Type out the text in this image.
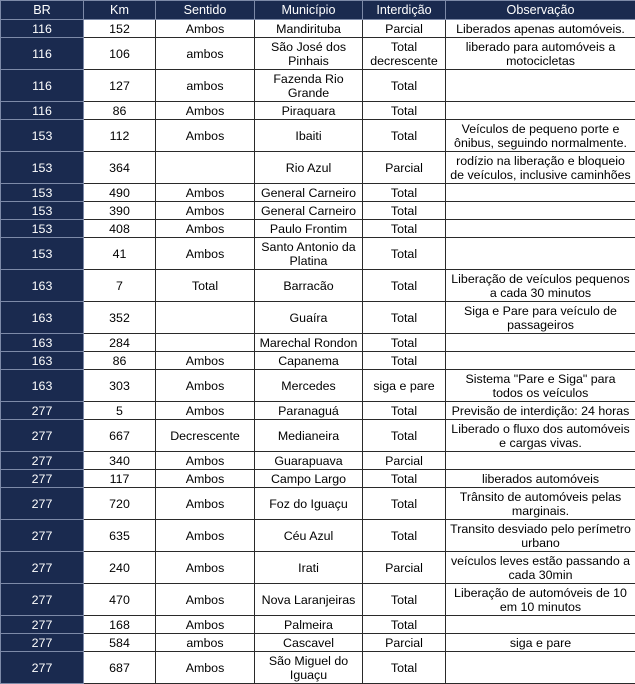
BR	Km	Sentido	Município	Interdição	Observação
116	152	Ambos	Mandirituba	Parcial	Liberados apenas automóveis.
116	106	ambos	São José dos Pinhais	Total decrescente	liberado para automóveis a motocicletas
116	127	ambos	Fazenda Rio Grande	Total	
116	86	Ambos	Piraquara	Total	
153	112	Ambos	Ibaiti	Total	Veículos de pequeno porte e ônibus, seguindo normalmente.
153	364		Rio Azul	Parcial	rodízio na liberação e bloqueio de veículos, inclusive caminhões
153	490	Ambos	General Carneiro	Total	
153	390	Ambos	General Carneiro	Total	
153	408	Ambos	Paulo Frontim	Total	
153	41	Ambos	Santo Antonio da Platina	Total	
163	7	Total	Barracão	Total	Liberação de veículos pequenos a cada 30 minutos
163	352		Guaíra	Total	Siga e Pare para veículo de passageiros
163	284		Marechal Rondon	Total	
163	86	Ambos	Capanema	Total	
163	303	Ambos	Mercedes	siga e pare	Sistema "Pare e Siga" para todos os veículos
277	5	Ambos	Paranaguá	Total	Previsão de interdição: 24 horas
277	667	Decrescente	Medianeira	Total	Liberado o fluxo dos automóveis e cargas vivas.
277	340	Ambos	Guarapuava	Parcial	
277	117	Ambos	Campo Largo	Total	liberados automóveis
277	720	Ambos	Foz do Iguaçu	Total	Trânsito de automóveis pelas marginais.
277	635	Ambos	Céu Azul	Total	Transito desviado pelo perímetro urbano
277	240	Ambos	Irati	Parcial	veículos leves estão passando a cada 30min
277	470	Ambos	Nova Laranjeiras	Total	Liberação de automóveis de 10 em 10 minutos
277	168	Ambos	Palmeira	Total	
277	584	ambos	Cascavel	Parcial	siga e pare
277	687	Ambos	São Miguel do Iguaçu	Total	
